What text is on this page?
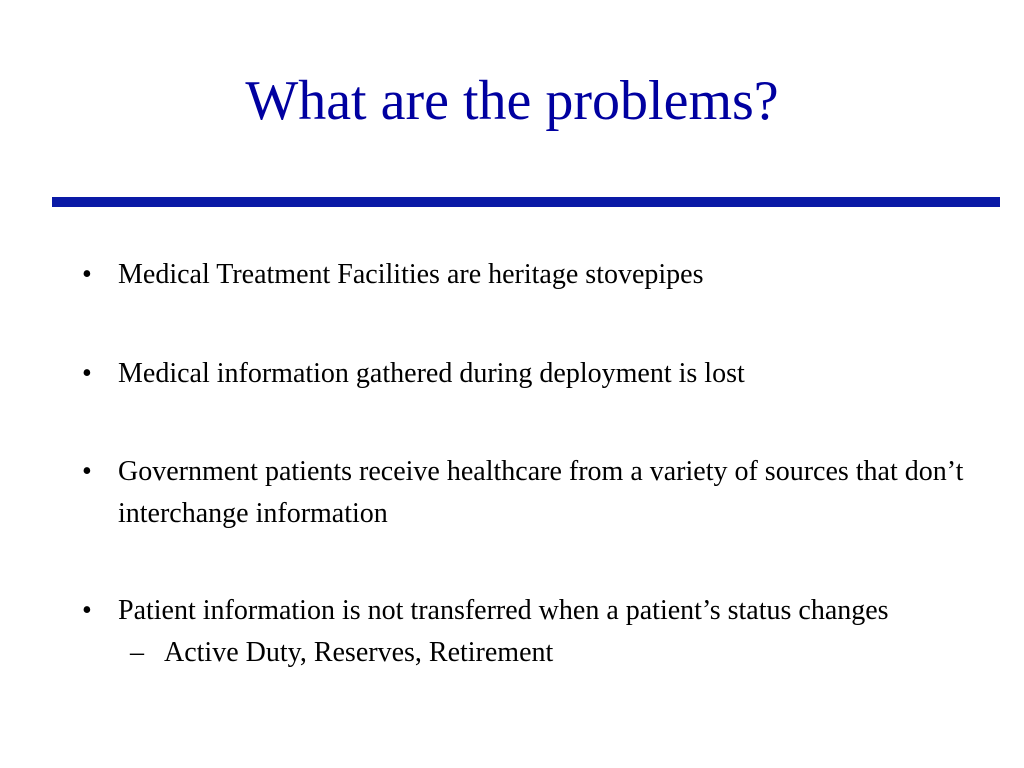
What are the problems?
• Medical Treatment Facilities are heritage stovepipes
• Medical information gathered during deployment is lost
• Government patients receive healthcare from a variety of sources that don’t interchange information
• Patient information is not transferred when a patient’s status changes
– Active Duty, Reserves, Retirement
